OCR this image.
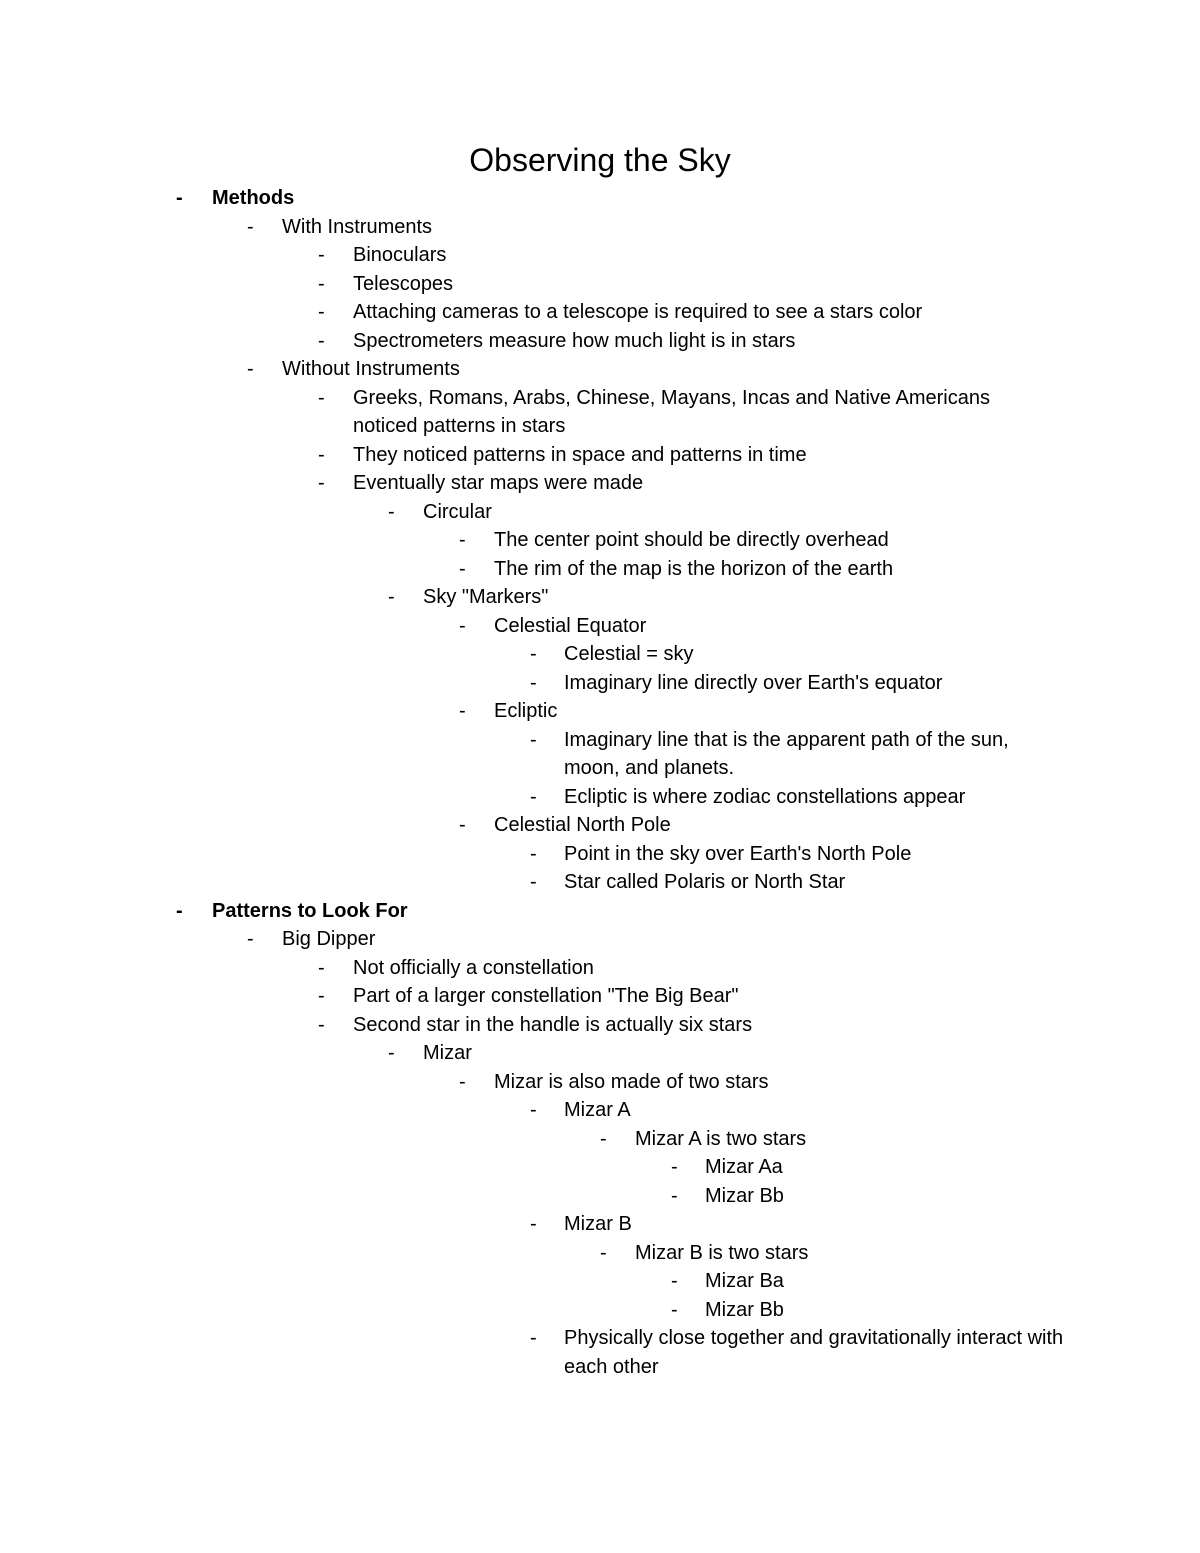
Observing the Sky
- Methods
- With Instruments
- Binoculars
- Telescopes
- Attaching cameras to a telescope is required to see a stars color
- Spectrometers measure how much light is in stars
- Without Instruments
- Greeks, Romans, Arabs, Chinese, Mayans, Incas and Native Americans noticed patterns in stars
- They noticed patterns in space and patterns in time
- Eventually star maps were made
- Circular
- The center point should be directly overhead
- The rim of the map is the horizon of the earth
- Sky "Markers"
- Celestial Equator
- Celestial = sky
- Imaginary line directly over Earth's equator
- Ecliptic
- Imaginary line that is the apparent path of the sun, moon, and planets.
- Ecliptic is where zodiac constellations appear
- Celestial North Pole
- Point in the sky over Earth's North Pole
- Star called Polaris or North Star
- Patterns to Look For
- Big Dipper
- Not officially a constellation
- Part of a larger constellation "The Big Bear"
- Second star in the handle is actually six stars
- Mizar
- Mizar is also made of two stars
- Mizar A
- Mizar A is two stars
- Mizar Aa
- Mizar Bb
- Mizar B
- Mizar B is two stars
- Mizar Ba
- Mizar Bb
- Physically close together and gravitationally interact with each other
